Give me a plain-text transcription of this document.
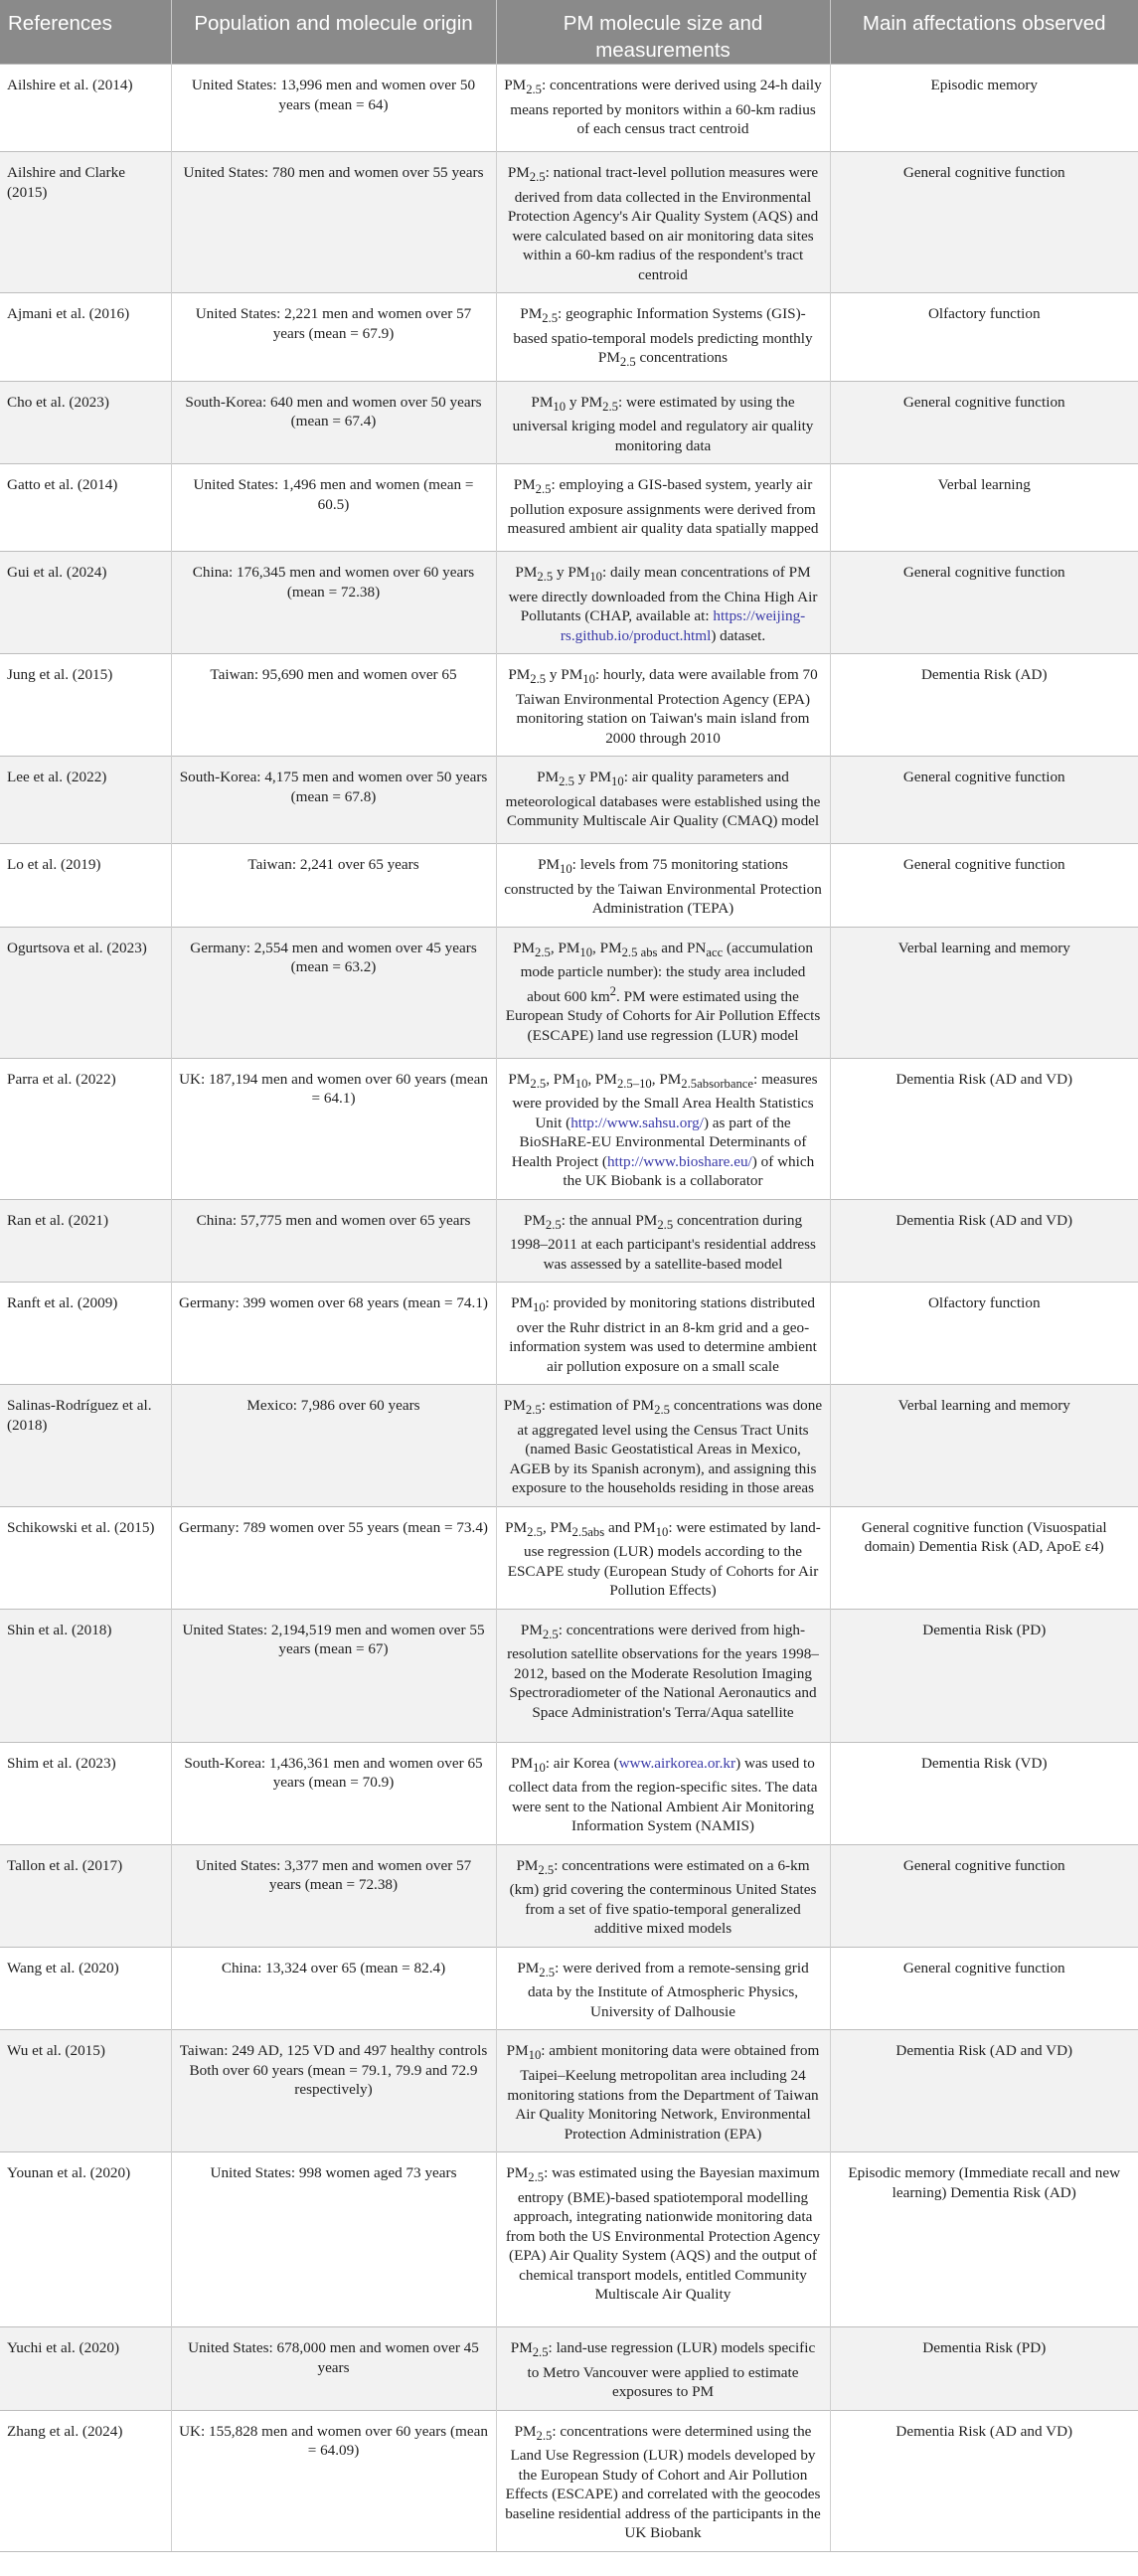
References	Population and molecule origin	PM molecule size and measurements	Main affectations observed
Ailshire et al. (2014)	United States: 13,996 men and women over 50 years (mean = 64)	$PM_{2.5}$: concentrations were derived using 24-h daily means reported by monitors within a 60-km radius of each census tract centroid	Episodic memory
Ailshire and Clarke (2015)	United States: 780 men and women over 55 years	$PM_{2.5}$: national tract-level pollution measures were derived from data collected in the Environmental Protection Agency's Air Quality System (AQS) and were calculated based on air monitoring data sites within a 60-km radius of the respondent's tract centroid	General cognitive function
Ajmani et al. (2016)	United States: 2,221 men and women over 57 years (mean = 67.9)	$PM_{2.5}$: geographic Information Systems (GIS)-based spatio-temporal models predicting monthly $PM_{2.5}$ concentrations	Olfactory function
Cho et al. (2023)	South-Korea: 640 men and women over 50 years (mean = 67.4)	$PM_{10}$ y $PM_{2.5}$: were estimated by using the universal kriging model and regulatory air quality monitoring data	General cognitive function
Gatto et al. (2014)	United States: 1,496 men and women (mean = 60.5)	$PM_{2.5}$: employing a GIS-based system, yearly air pollution exposure assignments were derived from measured ambient air quality data spatially mapped	Verbal learning
Gui et al. (2024)	China: 176,345 men and women over 60 years (mean = 72.38)	$PM_{2.5}$ y $PM_{10}$: daily mean concentrations of PM were directly downloaded from the China High Air Pollutants (CHAP, available at: https://weijing-rs.github.io/product.html) dataset.	General cognitive function
Jung et al. (2015)	Taiwan: 95,690 men and women over 65	$PM_{2.5}$ y $PM_{10}$: hourly, data were available from 70 Taiwan Environmental Protection Agency (EPA) monitoring station on Taiwan's main island from 2000 through 2010	Dementia Risk (AD)
Lee et al. (2022)	South-Korea: 4,175 men and women over 50 years (mean = 67.8)	$PM_{2.5}$ y $PM_{10}$: air quality parameters and meteorological databases were established using the Community Multiscale Air Quality (CMAQ) model	General cognitive function
Lo et al. (2019)	Taiwan: 2,241 over 65 years	$PM_{10}$: levels from 75 monitoring stations constructed by the Taiwan Environmental Protection Administration (TEPA)	General cognitive function
Ogurtsova et al. (2023)	Germany: 2,554 men and women over 45 years (mean = 63.2)	$PM_{2.5}$, $PM_{10}$, $PM_{2.5 abs}$ and $PN_{acc}$ (accumulation mode particle number): the study area included about 600 $km^2$. PM were estimated using the European Study of Cohorts for Air Pollution Effects (ESCAPE) land use regression (LUR) model	Verbal learning and memory
Parra et al. (2022)	UK: 187,194 men and women over 60 years (mean = 64.1)	$PM_{2.5}$, $PM_{10}$, $PM_{2.5-10}$, $PM_{2.5absorbance}$: measures were provided by the Small Area Health Statistics Unit (http://www.sahsu.org/) as part of the BioSHaRE-EU Environmental Determinants of Health Project (http://www.bioshare.eu/) of which the UK Biobank is a collaborator	Dementia Risk (AD and VD)
Ran et al. (2021)	China: 57,775 men and women over 65 years	$PM_{2.5}$: the annual $PM_{2.5}$ concentration during 1998–2011 at each participant's residential address was assessed by a satellite-based model	Dementia Risk (AD and VD)
Ranft et al. (2009)	Germany: 399 women over 68 years (mean = 74.1)	$PM_{10}$: provided by monitoring stations distributed over the Ruhr district in an 8-km grid and a geo-information system was used to determine ambient air pollution exposure on a small scale	Olfactory function
Salinas-Rodríguez et al. (2018)	Mexico: 7,986 over 60 years	$PM_{2.5}$: estimation of $PM_{2.5}$ concentrations was done at aggregated level using the Census Tract Units (named Basic Geostatistical Areas in Mexico, AGEB by its Spanish acronym), and assigning this exposure to the households residing in those areas	Verbal learning and memory
Schikowski et al. (2015)	Germany: 789 women over 55 years (mean = 73.4)	$PM_{2.5}$, $PM_{2.5abs}$ and $PM_{10}$: were estimated by land-use regression (LUR) models according to the ESCAPE study (European Study of Cohorts for Air Pollution Effects)	General cognitive function (Visuospatial domain) Dementia Risk (AD, ApoE ε4)
Shin et al. (2018)	United States: 2,194,519 men and women over 55 years (mean = 67)	$PM_{2.5}$: concentrations were derived from high-resolution satellite observations for the years 1998–2012, based on the Moderate Resolution Imaging Spectroradiometer of the National Aeronautics and Space Administration's Terra/Aqua satellite	Dementia Risk (PD)
Shim et al. (2023)	South-Korea: 1,436,361 men and women over 65 years (mean = 70.9)	$PM_{10}$: air Korea (www.airkorea.or.kr) was used to collect data from the region-specific sites. The data were sent to the National Ambient Air Monitoring Information System (NAMIS)	Dementia Risk (VD)
Tallon et al. (2017)	United States: 3,377 men and women over 57 years (mean = 72.38)	$PM_{2.5}$: concentrations were estimated on a 6-km (km) grid covering the conterminous United States from a set of five spatio-temporal generalized additive mixed models	General cognitive function
Wang et al. (2020)	China: 13,324 over 65 (mean = 82.4)	$PM_{2.5}$: were derived from a remote-sensing grid data by the Institute of Atmospheric Physics, University of Dalhousie	General cognitive function
Wu et al. (2015)	Taiwan: 249 AD, 125 VD and 497 healthy controls Both over 60 years (mean = 79.1, 79.9 and 72.9 respectively)	$PM_{10}$: ambient monitoring data were obtained from Taipei–Keelung metropolitan area including 24 monitoring stations from the Department of Taiwan Air Quality Monitoring Network, Environmental Protection Administration (EPA)	Dementia Risk (AD and VD)
Younan et al. (2020)	United States: 998 women aged 73 years	$PM_{2.5}$: was estimated using the Bayesian maximum entropy (BME)-based spatiotemporal modelling approach, integrating nationwide monitoring data from both the US Environmental Protection Agency (EPA) Air Quality System (AQS) and the output of chemical transport models, entitled Community Multiscale Air Quality	Episodic memory (Immediate recall and new learning) Dementia Risk (AD)
Yuchi et al. (2020)	United States: 678,000 men and women over 45 years	$PM_{2.5}$: land-use regression (LUR) models specific to Metro Vancouver were applied to estimate exposures to PM	Dementia Risk (PD)
Zhang et al. (2024)	UK: 155,828 men and women over 60 years (mean = 64.09)	$PM_{2.5}$: concentrations were determined using the Land Use Regression (LUR) models developed by the European Study of Cohort and Air Pollution Effects (ESCAPE) and correlated with the geocodes baseline residential address of the participants in the UK Biobank	Dementia Risk (AD and VD)
